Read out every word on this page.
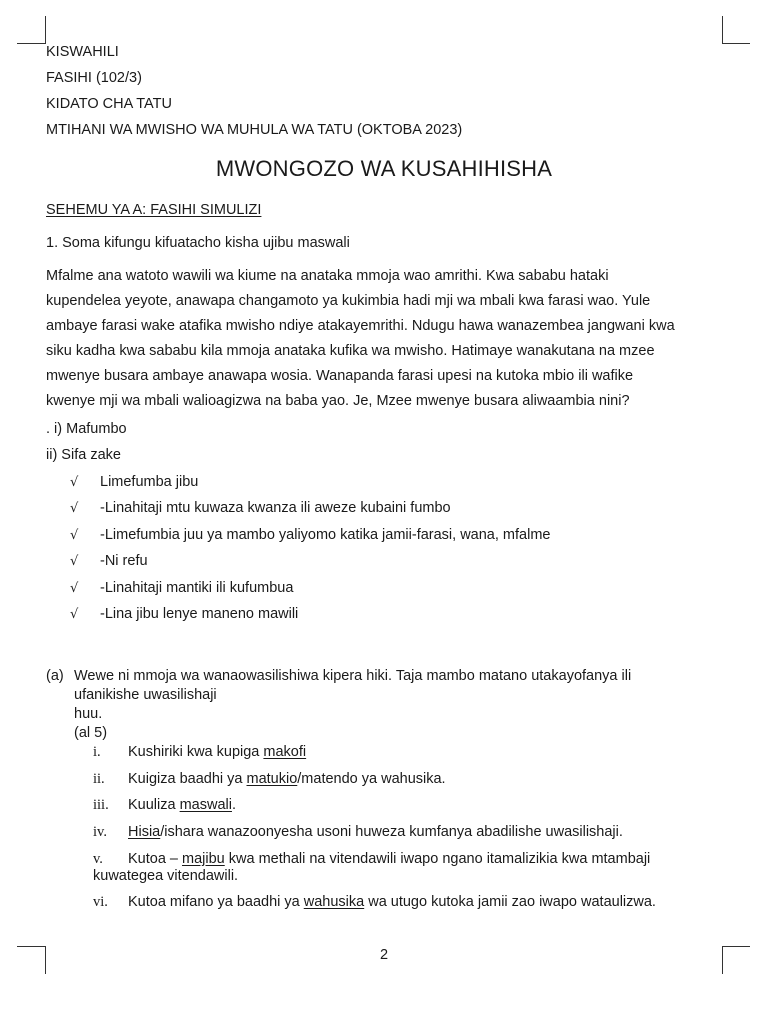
KISWAHILI
FASIHI (102/3)
KIDATO CHA TATU
MTIHANI WA MWISHO WA MUHULA WA TATU (OKTOBA 2023)
MWONGOZO WA KUSAHIHISHA
SEHEMU YA A: FASIHI SIMULIZI
1. Soma kifungu kifuatacho kisha ujibu maswali
Mfalme ana watoto wawili wa kiume na anataka mmoja wao amrithi. Kwa sababu hataki
kupendelea yeyote, anawapa changamoto ya kukimbia hadi mji wa mbali kwa farasi wao. Yule
ambaye farasi wake atafika mwisho ndiye atakayemrithi. Ndugu hawa wanazembea jangwani kwa
siku kadha kwa sababu kila mmoja anataka kufika wa mwisho. Hatimaye wanakutana na mzee
mwenye busara ambaye anawapa wosia. Wanapanda farasi upesi na kutoka mbio ili wafike
kwenye mji wa mbali walioagizwa na baba yao. Je, Mzee mwenye busara aliwaambia nini?
. i) Mafumbo
ii) Sifa zake
√ Limefumba jibu
√ -Linahitaji mtu kuwaza kwanza ili aweze kubaini fumbo
√ -Limefumbia juu ya mambo yaliyomo katika jamii-farasi, wana, mfalme
√ -Ni refu
√ -Linahitaji mantiki ili kufumbua
√ -Lina jibu lenye maneno mawili
(a) Wewe ni mmoja wa wanaowasilishiwa kipera hiki. Taja mambo matano utakayofanya ili
ufanikishe uwasilishaji
huu.
(al 5)
i. Kushiriki kwa kupiga makofi
ii. Kuigiza baadhi ya matukio/matendo ya wahusika.
iii. Kuuliza maswali.
iv. Hisia/ishara wanazoonyesha usoni huweza kumfanya abadilishe uwasilishaji.
v. Kutoa – majibu kwa methali na vitendawili iwapo ngano itamalizikia kwa mtambaji
kuwategea vitendawili.
vi. Kutoa mifano ya baadhi ya wahusika wa utugo kutoka jamii zao iwapo wataulizwa.
2
